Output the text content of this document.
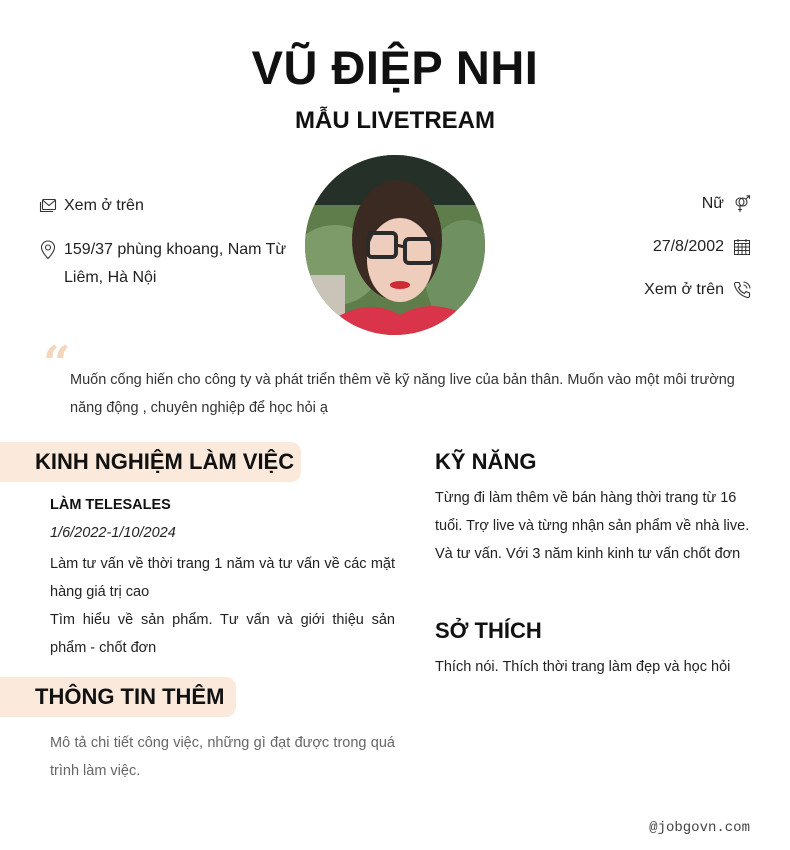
VŨ ĐIỆP NHI
MẪU LIVETREAM
Xem ở trên
159/37 phùng khoang, Nam Từ Liêm, Hà Nội
Nữ
27/8/2002
Xem ở trên
“ Muốn cống hiến cho công ty và phát triển thêm về kỹ năng live của bản thân. Muốn vào một môi trường năng động , chuyên nghiệp để học hỏi ạ
KINH NGHIỆM LÀM VIỆC
LÀM TELESALES
1/6/2022-1/10/2024
Làm tư vấn về thời trang 1 năm và tư vấn về các mặt hàng giá trị cao
Tìm hiểu về sản phẩm. Tư vấn và giới thiệu sản phẩm - chốt đơn
THÔNG TIN THÊM
Mô tả chi tiết công việc, những gì đạt được trong quá trình làm việc.
KỸ NĂNG
Từng đi làm thêm về bán hàng thời trang từ 16 tuổi. Trợ live và từng nhận sản phẩm về nhà live. Và tư vấn. Với 3 năm kinh kinh tư vấn chốt đơn
SỞ THÍCH
Thích nói. Thích thời trang làm đẹp và học hỏi
@jobgovn.com
